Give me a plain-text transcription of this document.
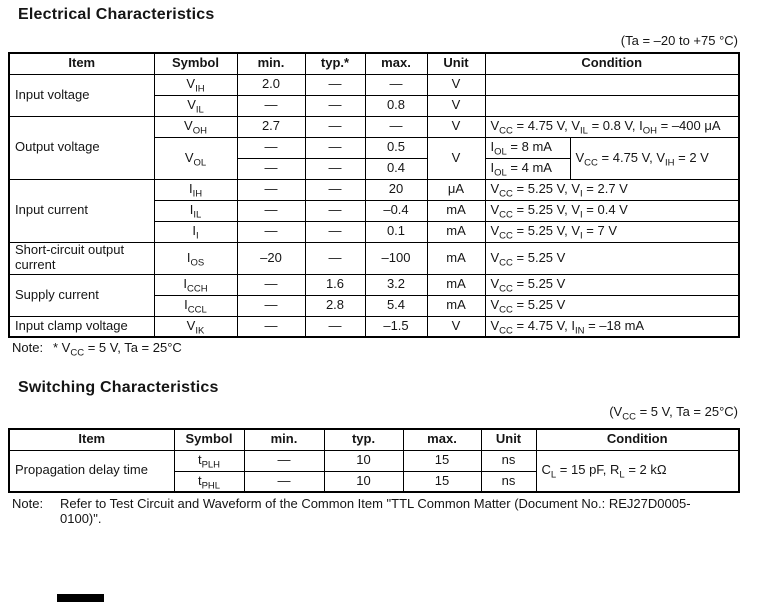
Electrical Characteristics
(Ta = –20 to +75 °C)
Item	Symbol	min.	typ.*	max.	Unit	Condition	
Input voltage	$V_{IH}$	2.0	—	—	V		
	$V_{IL}$	—	—	0.8	V		
Output voltage	$V_{OH}$	2.7	—	—	V	$V_{CC} = 4.75$ V, $V_{IL} = 0.8$ V, $I_{OH} = -400$ μA	
	$V_{OL}$	—	—	0.5	V	$I_{OL} = 8$ mA	$V_{CC} = 4.75$ V, $V_{IH} = 2$ V
		—	—	0.4		$I_{OL} = 4$ mA	
Input current	$I_{IH}$	—	—	20	μA	$V_{CC} = 5.25$ V, $V_I = 2.7$ V	
	$I_{IL}$	—	—	–0.4	mA	$V_{CC} = 5.25$ V, $V_I = 0.4$ V	
	$I_I$	—	—	0.1	mA	$V_{CC} = 5.25$ V, $V_I = 7$ V	
Short-circuit output current	$I_{OS}$	–20	—	–100	mA	$V_{CC} = 5.25$ V	
Supply current	$I_{CCH}$	—	1.6	3.2	mA	$V_{CC} = 5.25$ V	
	$I_{CCL}$	—	2.8	5.4	mA	$V_{CC} = 5.25$ V	
Input clamp voltage	$V_{IK}$	—	—	–1.5	V	$V_{CC} = 4.75$ V, $I_{IN} = -18$ mA	
Note: * $V_{CC} = 5$ V, Ta = 25°C
Switching Characteristics
($V_{CC} = 5$ V, Ta = 25°C)
Item	Symbol	min.	typ.	max.	Unit	Condition
Propagation delay time	$t_{PLH}$	—	10	15	ns	$C_L = 15$ pF, $R_L = 2$ kΩ
	$t_{PHL}$	—	10	15	ns	
Note:	Refer to Test Circuit and Waveform of the Common Item "TTL Common Matter (Document No.: REJ27D0005-
0100)".
